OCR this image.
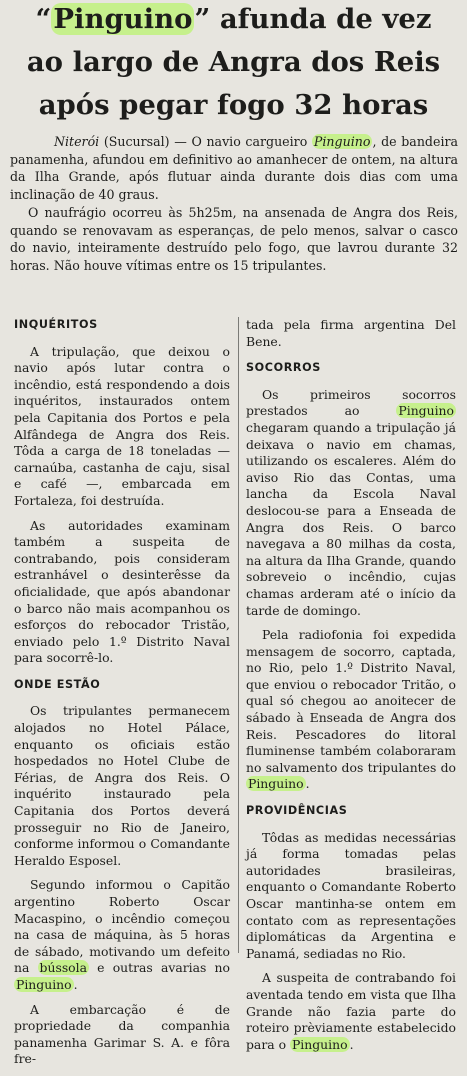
“Pinguino” afunda de vez
ao largo de Angra dos Reis
após pegar fogo 32 horas

Niterói (Sucursal) — O navio cargueiro Pinguino , de bandeira panamenha, afundou em definitivo ao amanhecer de ontem, na altura da Ilha Grande, após flutuar ainda durante dois dias com uma inclinação de 40 graus.

O naufrágio ocorreu às 5h25m, na ansenada de Angra dos Reis, quando se renovavam as esperanças, de pelo menos, salvar o casco do navio, inteiramente destruído pelo fogo, que lavrou durante 32 horas. Não houve vítimas entre os 15 tripulantes.

INQUÉRITOS

A tripulação, que deixou o navio após lutar contra o incêndio, está respondendo a dois inquéritos, instaurados ontem pela Capitania dos Portos e pela Alfândega de Angra dos Reis. Tôda a carga de 18 toneladas — carnaúba, castanha de caju, sisal e café —, embarcada em Fortaleza, foi destruída.

As autoridades examinam também a suspeita de contrabando, pois consideram estranhável o desinterêsse da oficialidade, que após abandonar o barco não mais acompanhou os esforços do rebocador Tristão, enviado pelo 1.º Distrito Naval para socorrê-lo.

ONDE ESTÃO

Os tripulantes permanecem alojados no Hotel Pálace, enquanto os oficiais estão hospedados no Hotel Clube de Férias, de Angra dos Reis. O inquérito instaurado pela Capitania dos Portos deverá prosseguir no Rio de Janeiro, conforme informou o Comandante Heraldo Esposel.

Segundo informou o Capitão argentino Roberto Oscar Macaspino, o incêndio começou na casa de máquina, às 5 horas de sábado, motivando um defeito na bússola e outras avarias no Pinguino .

A embarcação é de propriedade da companhia panamenha Garimar S. A. e fôra fre-

tada pela firma argentina Del Bene.

SOCORROS

Os primeiros socorros prestados ao Pinguino chegaram quando a tripulação já deixava o navio em chamas, utilizando os escaleres. Além do aviso Rio das Contas, uma lancha da Escola Naval deslocou-se para a Enseada de Angra dos Reis. O barco navegava a 80 milhas da costa, na altura da Ilha Grande, quando sobreveio o incêndio, cujas chamas arderam até o início da tarde de domingo.

Pela radiofonia foi expedida mensagem de socorro, captada, no Rio, pelo 1.º Distrito Naval, que enviou o rebocador Tritão, o qual só chegou ao anoitecer de sábado à Enseada de Angra dos Reis. Pescadores do litoral fluminense também colaboraram no salvamento dos tripulantes do Pinguino .

PROVIDÊNCIAS

Tôdas as medidas necessárias já forma tomadas pelas autoridades brasileiras, enquanto o Comandante Roberto Oscar mantinha-se ontem em contato com as representações diplomáticas da Argentina e Panamá, sediadas no Rio.

A suspeita de contrabando foi aventada tendo em vista que Ilha Grande não fazia parte do roteiro prèviamente estabelecido para o Pinguino .
